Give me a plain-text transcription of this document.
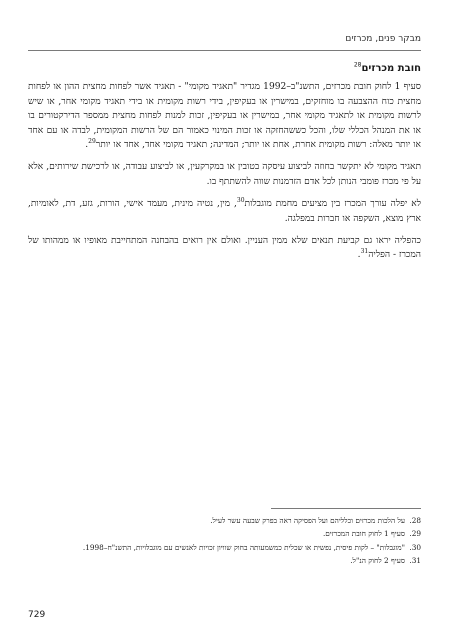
מבקר פנים, מכרזים
חובת מכרזים$^{28}$

סעיף 1 לחוק חובת מכרזים, התשנ"ב–1992 מגדיר "תאגיד מקומי" - תאגיד אשר לפחות מחצית ההון או לפחות מחצית כוח ההצבעה בו מוחזקים, במישרין או בעקיפין, בידי רשות מקומית או בידי תאגיד מקומי אחר, או שיש לרשות מקומית או לתאגיד מקומי אחר, במישרין או בעקיפין, זכות למנות לפחות מחצית ממספר הדירקטורים בו או את המנהל הכללי שלו, והכל כששהחזקה או זכות המינוי כאמור הם של הרשות המקומית, לבדה או עם אחד או יותר מאלה: רשות מקומית אחרת, אחת או יותר; המדינה; תאגיד מקומי אחד, אחד או יותר$^{29}$.

תאגיד מקומי לא יתקשר בחוזה לביצוע עיסקה בטובין או במקרקעין, או לביצוע עבודה, או לרכישת שירותים, אלא על פי מכרז פומבי הנותן לכל אדם הזדמנות שווה להשתתף בו.

לא יפלה עורך המכרז בין מציעים מחמת מוגבלות$^{30}$, מין, נטיה מינית, מעמד אישי, הורות, גזע, דת, לאומיות, ארץ מוצא, השקפה או חברות במפלגה.

כהפליה יראו גם קביעת תנאים שלא ממין העניין. ואולם אין רואים בהבחנה המתחייבת מאופיו או ממהותו של המכרז - הפליה$^{31}$.

28.
על הלכות מכרזים וכלליהם ועל הפסיקה ראה בפרק שבעה עשר לעיל.
29.
סעיף 1 לחוק חובת המכרזים.
30.
"מוגבלות" – לקות פיסית, נפשית או שכלית כמשמעותה בחוק שוויון זכויות לאנשים עם מוגבלויות, התשנ"ח–1998.
31.
סעיף 2 לחוק הנ"ל.
729
